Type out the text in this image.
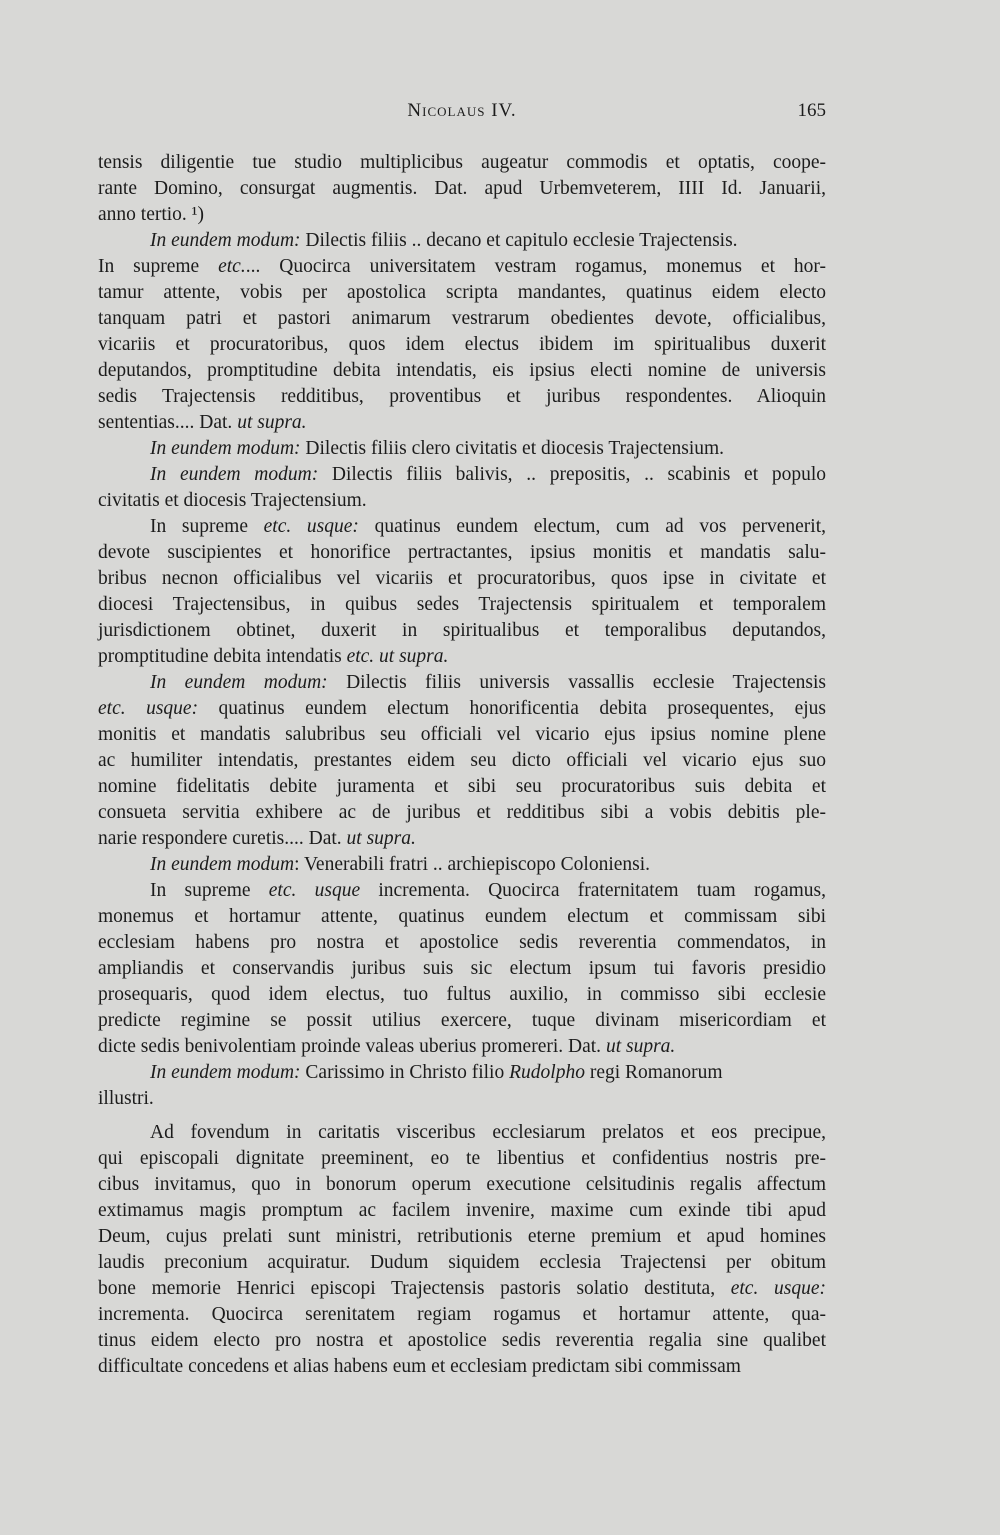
Nicolaus IV.	165
tensis diligentie tue studio multiplicibus augeatur commodis et optatis, coope-
rante Domino, consurgat augmentis. Dat. apud Urbemveterem, IIII Id. Januarii,
anno tertio. ¹)
In eundem modum: Dilectis filiis .. decano et capitulo ecclesie Trajectensis.
In supreme etc.... Quocirca universitatem vestram rogamus, monemus et hor-
tamur attente, vobis per apostolica scripta mandantes, quatinus eidem electo
tanquam patri et pastori animarum vestrarum obedientes devote, officialibus,
vicariis et procuratoribus, quos idem electus ibidem im spiritualibus duxerit
deputandos, promptitudine debita intendatis, eis ipsius electi nomine de universis
sedis Trajectensis redditibus, proventibus et juribus respondentes. Alioquin
sententias.... Dat. ut supra.
In eundem modum: Dilectis filiis clero civitatis et diocesis Trajectensium.
In eundem modum: Dilectis filiis balivis, .. prepositis, .. scabinis et populo
civitatis et diocesis Trajectensium.
In supreme etc. usque: quatinus eundem electum, cum ad vos pervenerit,
devote suscipientes et honorifice pertractantes, ipsius monitis et mandatis salu-
bribus necnon officialibus vel vicariis et procuratoribus, quos ipse in civitate et
diocesi Trajectensibus, in quibus sedes Trajectensis spiritualem et temporalem
jurisdictionem obtinet, duxerit in spiritualibus et temporalibus deputandos,
promptitudine debita intendatis etc. ut supra.
In eundem modum: Dilectis filiis universis vassallis ecclesie Trajectensis
etc. usque: quatinus eundem electum honorificentia debita prosequentes, ejus
monitis et mandatis salubribus seu officiali vel vicario ejus ipsius nomine plene
ac humiliter intendatis, prestantes eidem seu dicto officiali vel vicario ejus suo
nomine fidelitatis debite juramenta et sibi seu procuratoribus suis debita et
consueta servitia exhibere ac de juribus et redditibus sibi a vobis debitis ple-
narie respondere curetis.... Dat. ut supra.
In eundem modum: Venerabili fratri .. archiepiscopo Coloniensi.
In supreme etc. usque incrementa. Quocirca fraternitatem tuam rogamus,
monemus et hortamur attente, quatinus eundem electum et commissam sibi
ecclesiam habens pro nostra et apostolice sedis reverentia commendatos, in
ampliandis et conservandis juribus suis sic electum ipsum tui favoris presidio
prosequaris, quod idem electus, tuo fultus auxilio, in commisso sibi ecclesie
predicte regimine se possit utilius exercere, tuque divinam misericordiam et
dicte sedis benivolentiam proinde valeas uberius promereri. Dat. ut supra.
In eundem modum: Carissimo in Christo filio Rudolpho regi Romanorum
illustri.
Ad fovendum in caritatis visceribus ecclesiarum prelatos et eos precipue,
qui episcopali dignitate preeminent, eo te libentius et confidentius nostris pre-
cibus invitamus, quo in bonorum operum executione celsitudinis regalis affectum
extimamus magis promptum ac facilem invenire, maxime cum exinde tibi apud
Deum, cujus prelati sunt ministri, retributionis eterne premium et apud homines
laudis preconium acquiratur. Dudum siquidem ecclesia Trajectensi per obitum
bone memorie Henrici episcopi Trajectensis pastoris solatio destituta, etc. usque:
incrementa. Quocirca serenitatem regiam rogamus et hortamur attente, qua-
tinus eidem electo pro nostra et apostolice sedis reverentia regalia sine qualibet
difficultate concedens et alias habens eum et ecclesiam predictam sibi commissam
